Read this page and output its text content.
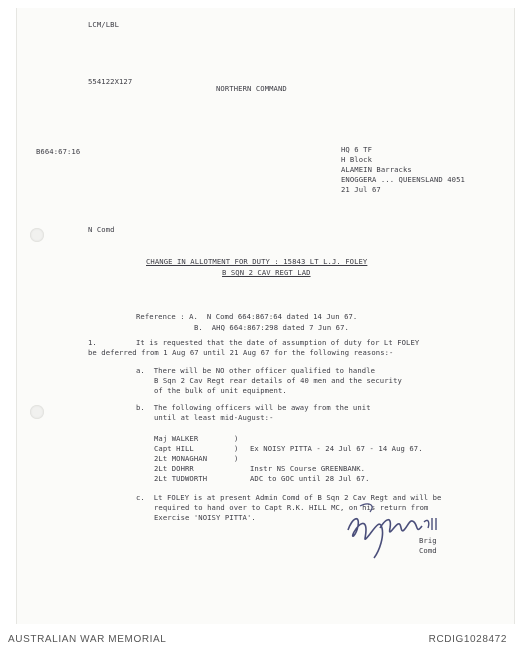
LCM/LBL
554122X127
NORTHERN COMMAND
B664:67:16	HQ 6 TF
H Block
ALAMEIN Barracks
ENOGGERA ... QUEENSLAND 4051
21 Jul 67
N Comd
CHANGE IN ALLOTMENT FOR DUTY : 15843 LT L.J. FOLEY
B SQN 2 CAV REGT LAD
Reference : A.  N Comd 664:867:64 dated 14 Jun 67.
B.  AHQ 664:867:298 dated 7 Jun 67.
1.	It is requested that the date of assumption of duty for Lt FOLEY
be deferred from 1 Aug 67 until 21 Aug 67 for the following reasons:-
a.  There will be NO other officer qualified to handle
B Sqn 2 Cav Regt rear details of 40 men and the security
of the bulk of unit equipment.
b.  The following officers will be away from the unit
until at least mid-August:-
Maj WALKER	)
Capt HILL	) Ex NOISY PITTA - 24 Jul 67 - 14 Aug 67.
2Lt MONAGHAN	)
2Lt DOHRR	Instr NS Course GREENBANK.
2Lt TUDWORTH	ADC to GOC until 28 Jul 67.
c.  Lt FOLEY is at present Admin Comd of B Sqn 2 Cav Regt and will be
required to hand over to Capt R.K. HILL MC, on his return from
Exercise 'NOISY PITTA'.
Brig
Comd
AUSTRALIAN WAR MEMORIAL	RCDIG1028472
